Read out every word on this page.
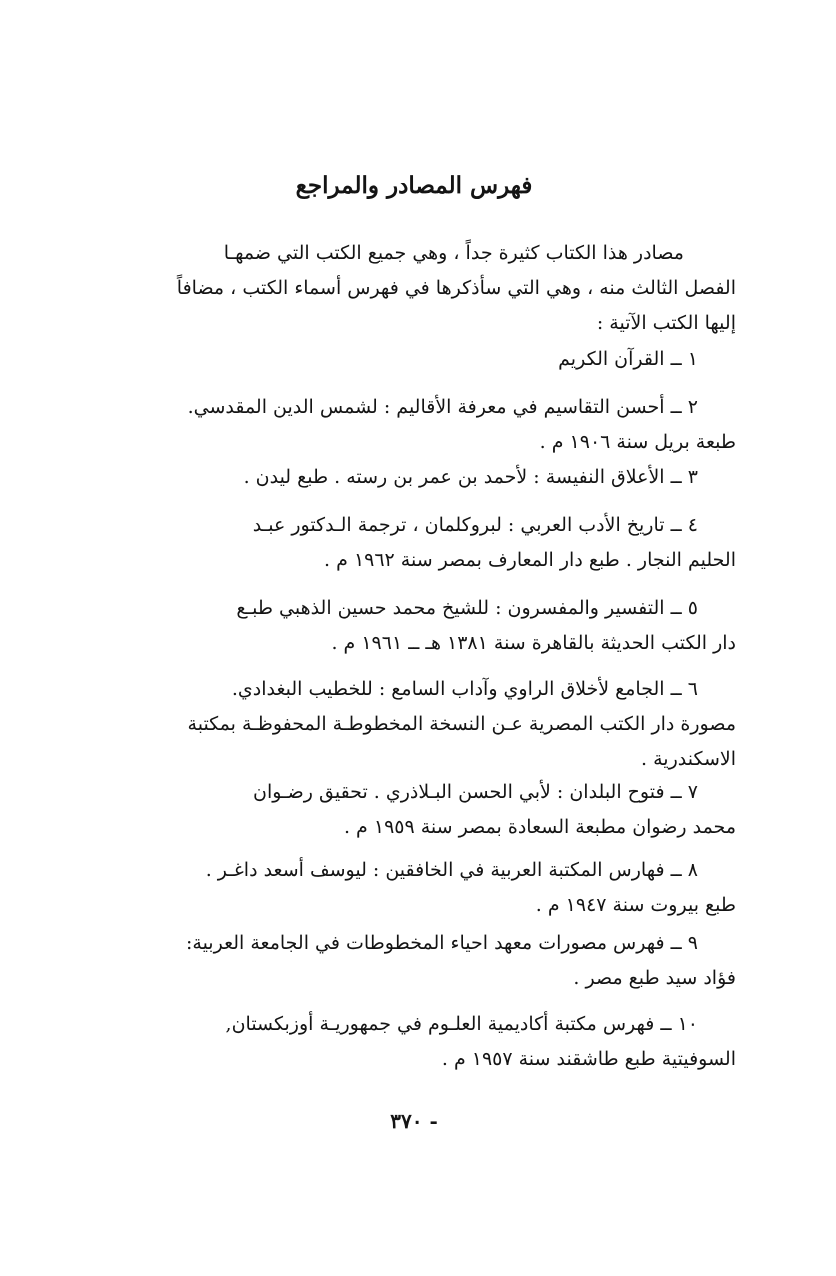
فهرس المصادر والمراجع
مصادر هذا الكتاب كثيرة جداً ، وهي جميع الكتب التي ضمهـا
الفصل الثالث منه ، وهي التي سأذكرها في فهرس أسماء الكتب ، مضافاً
إليها الكتب الآتية :
١ ــ القرآن الكريم
٢ ــ أحسن التقاسيم في معرفة الأقاليم : لشمس الدين المقدسي.
طبعة بريل سنة ١٩٠٦ م .
٣ ــ الأعلاق النفيسة : لأحمد بن عمر بن رسته . طبع ليدن .
٤ ــ تاريخ الأدب العربي : لبروكلمان ، ترجمة الـدكتور عبـد
الحليم النجار . طبع دار المعارف بمصر سنة ١٩٦٢ م .
٥ ــ التفسير والمفسرون : للشيخ محمد حسين الذهبي طبـع
دار الكتب الحديثة بالقاهرة سنة ١٣٨١ هـ ــ ١٩٦١ م .
٦ ــ الجامع لأخلاق الراوي وآداب السامع : للخطيب البغدادي.
مصورة دار الكتب المصرية عـن النسخة المخطوطـة المحفوظـة بمكتبة
الاسكندرية .
٧ ــ فتوح البلدان : لأبي الحسن البـلاذري . تحقيق رضـوان
محمد رضوان مطبعة السعادة بمصر سنة ١٩٥٩ م .
٨ ــ فهارس المكتبة العربية في الخافقين : ليوسف أسعد داغـر .
طبع بيروت سنة ١٩٤٧ م .
٩ ــ فهرس مصورات معهد احياء المخطوطات في الجامعة العربية:
فؤاد سيد طبع مصر .
١٠ ــ فهرس مكتبة أكاديمية العلـوم في جمهوريـة أوزبكستان,
السوفيتية طبع طاشقند سنة ١٩٥٧ م .
- ٣٧٠
